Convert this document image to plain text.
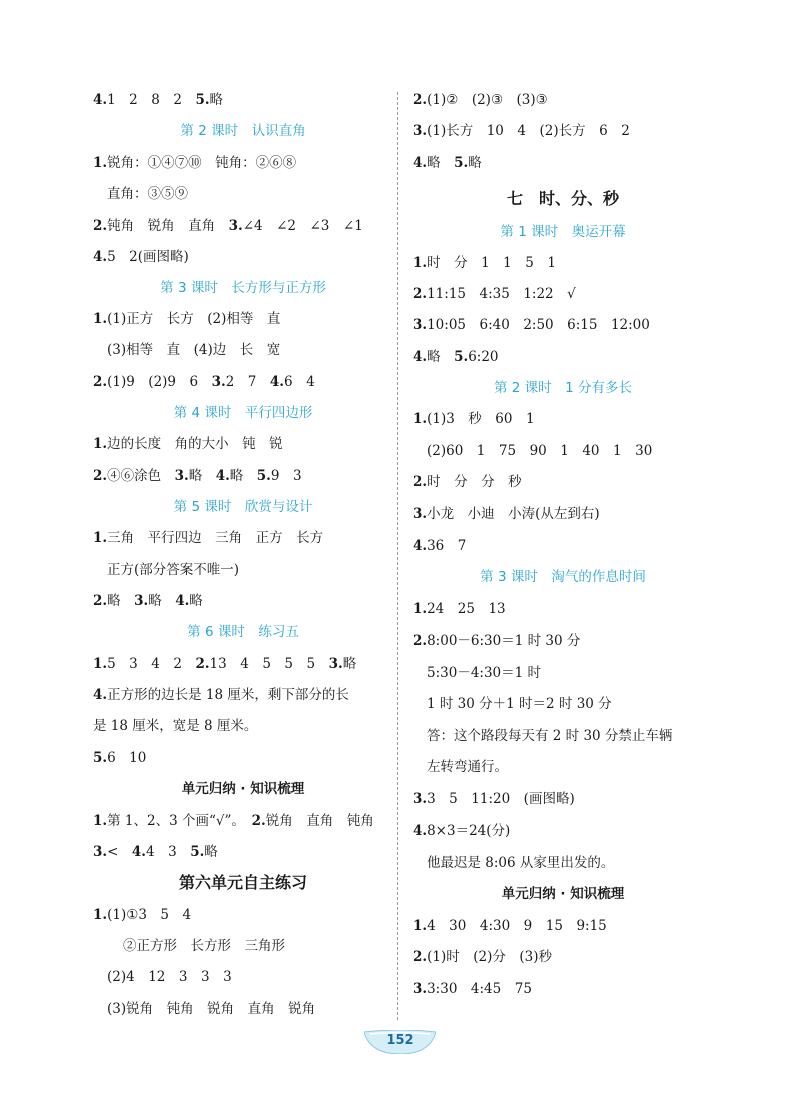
4.1　2　8　2　5.略
第 2 课时　认识直角
1.锐角：①④⑦⑩　钝角：②⑥⑧
直角：③⑤⑨
2.钝角　锐角　直角　3.∠4　∠2　∠3　∠1
4.5　2(画图略)
第 3 课时　长方形与正方形
1.(1)正方　长方　(2)相等　直
(3)相等　直　(4)边　长　宽
2.(1)9　(2)9　6　3.2　7　4.6　4
第 4 课时　平行四边形
1.边的长度　角的大小　钝　锐
2.④⑥涂色　3.略　4.略　5.9　3
第 5 课时　欣赏与设计
1.三角　平行四边　三角　正方　长方
正方(部分答案不唯一)
2.略　3.略　4.略
第 6 课时　练习五
1.5　3　4　2　2.13　4　5　5　5　3.略
4.正方形的边长是 18 厘米，剩下部分的长
是 18 厘米，宽是 8 厘米。
5.6　10
单元归纳 · 知识梳理
1.第 1、2、3 个画“√”。　2.锐角　直角　钝角
3.<　4.4　3　5.略
第六单元自主练习
1.(1)①3　5　4
②正方形　长方形　三角形
(2)4　12　3　3　3
(3)锐角　钝角　锐角　直角　锐角
2.(1)②　(2)③　(3)③
3.(1)长方　10　4　(2)长方　6　2
4.略　5.略
七　时、分、秒
第 1 课时　奥运开幕
1.时　分　1　1　5　1
2.11:15　4:35　1:22　√
3.10:05　6:40　2:50　6:15　12:00
4.略　5.6:20
第 2 课时　1 分有多长
1.(1)3　秒　60　1
(2)60　1　75　90　1　40　1　30
2.时　分　分　秒
3.小龙　小迪　小涛(从左到右)
4.36　7
第 3 课时　淘气的作息时间
1.24　25　13
2.8:00－6:30＝1 时 30 分
5:30－4:30＝1 时
1 时 30 分＋1 时＝2 时 30 分
答：这个路段每天有 2 时 30 分禁止车辆
左转弯通行。
3.3　5　11:20　(画图略)
4.8×3＝24(分)
他最迟是 8:06 从家里出发的。
单元归纳 · 知识梳理
1.4　30　4:30　9　15　9:15
2.(1)时　(2)分　(3)秒
3.3:30　4:45　75
152
